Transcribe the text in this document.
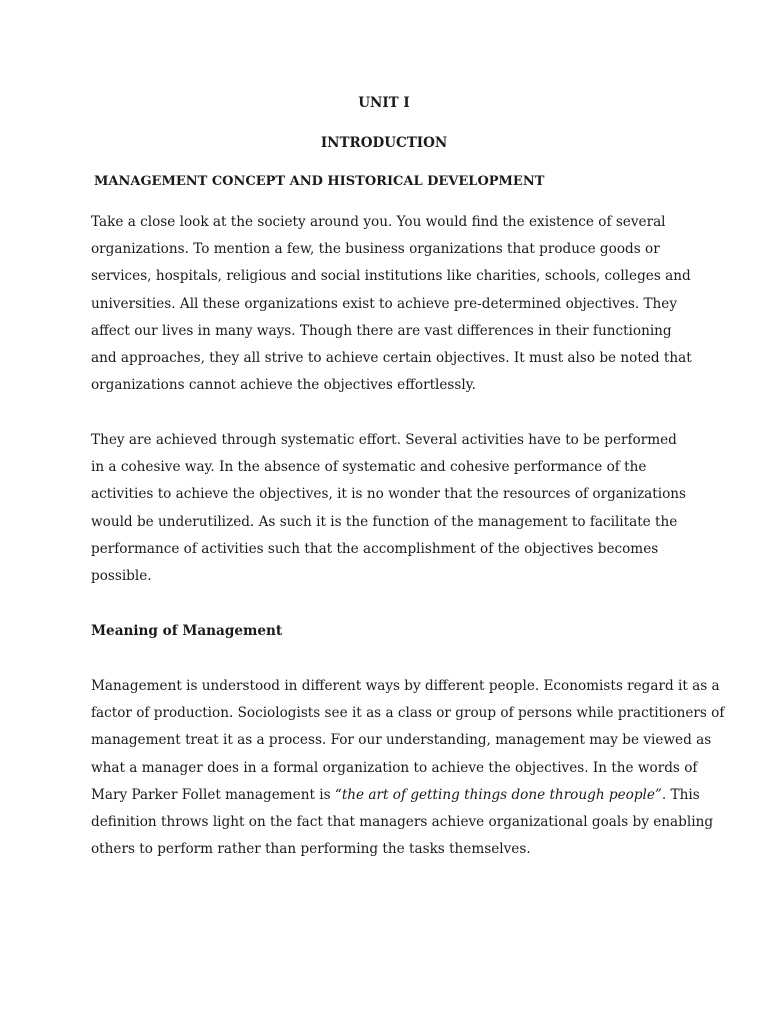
UNIT I
INTRODUCTION
MANAGEMENT CONCEPT AND HISTORICAL DEVELOPMENT
Take a close look at the society around you. You would find the existence of several
organizations. To mention a few, the business organizations that produce goods or
services, hospitals, religious and social institutions like charities, schools, colleges and
universities. All these organizations exist to achieve pre-determined objectives. They
affect our lives in many ways. Though there are vast differences in their functioning
and approaches, they all strive to achieve certain objectives. It must also be noted that
organizations cannot achieve the objectives effortlessly.
They are achieved through systematic effort. Several activities have to be performed
in a cohesive way. In the absence of systematic and cohesive performance of the
activities to achieve the objectives, it is no wonder that the resources of organizations
would be underutilized. As such it is the function of the management to facilitate the
performance of activities such that the accomplishment of the objectives becomes
possible.
Meaning of Management
Management is understood in different ways by different people. Economists regard it as a
factor of production. Sociologists see it as a class or group of persons while practitioners of
management treat it as a process. For our understanding, management may be viewed as
what a manager does in a formal organization to achieve the objectives. In the words of
Mary Parker Follet management is “the art of getting things done through people”. This
definition throws light on the fact that managers achieve organizational goals by enabling
others to perform rather than performing the tasks themselves.
